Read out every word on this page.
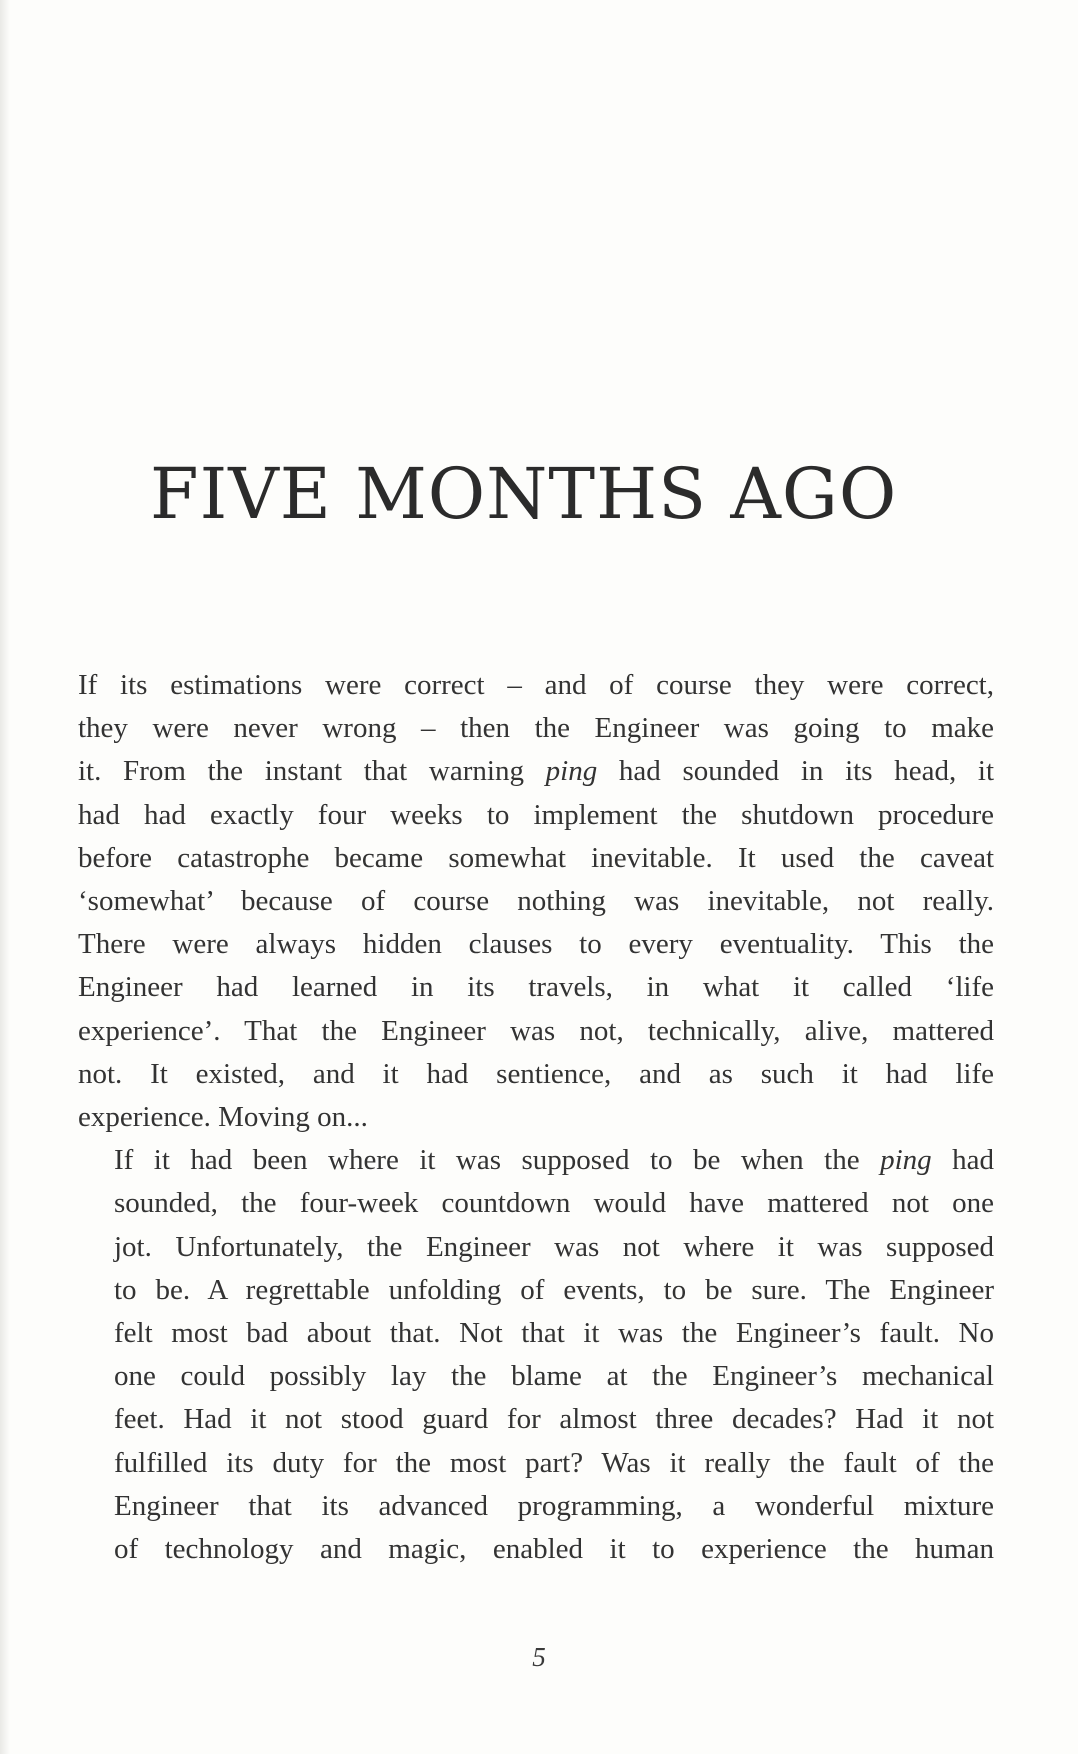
FIVE MONTHS AGO

If its estimations were correct – and of course they were correct,
they were never wrong – then the Engineer was going to make
it. From the instant that warning ping had sounded in its head, it
had had exactly four weeks to implement the shutdown procedure
before catastrophe became somewhat inevitable. It used the caveat
‘somewhat’ because of course nothing was inevitable, not really.
There were always hidden clauses to every eventuality. This the
Engineer had learned in its travels, in what it called ‘life
experience’. That the Engineer was not, technically, alive, mattered
not. It existed, and it had sentience, and as such it had life
experience. Moving on...

If it had been where it was supposed to be when the ping had
sounded, the four-week countdown would have mattered not one
jot. Unfortunately, the Engineer was not where it was supposed
to be. A regrettable unfolding of events, to be sure. The Engineer
felt most bad about that. Not that it was the Engineer’s fault. No
one could possibly lay the blame at the Engineer’s mechanical
feet. Had it not stood guard for almost three decades? Had it not
fulfilled its duty for the most part? Was it really the fault of the
Engineer that its advanced programming, a wonderful mixture
of technology and magic, enabled it to experience the human

5
